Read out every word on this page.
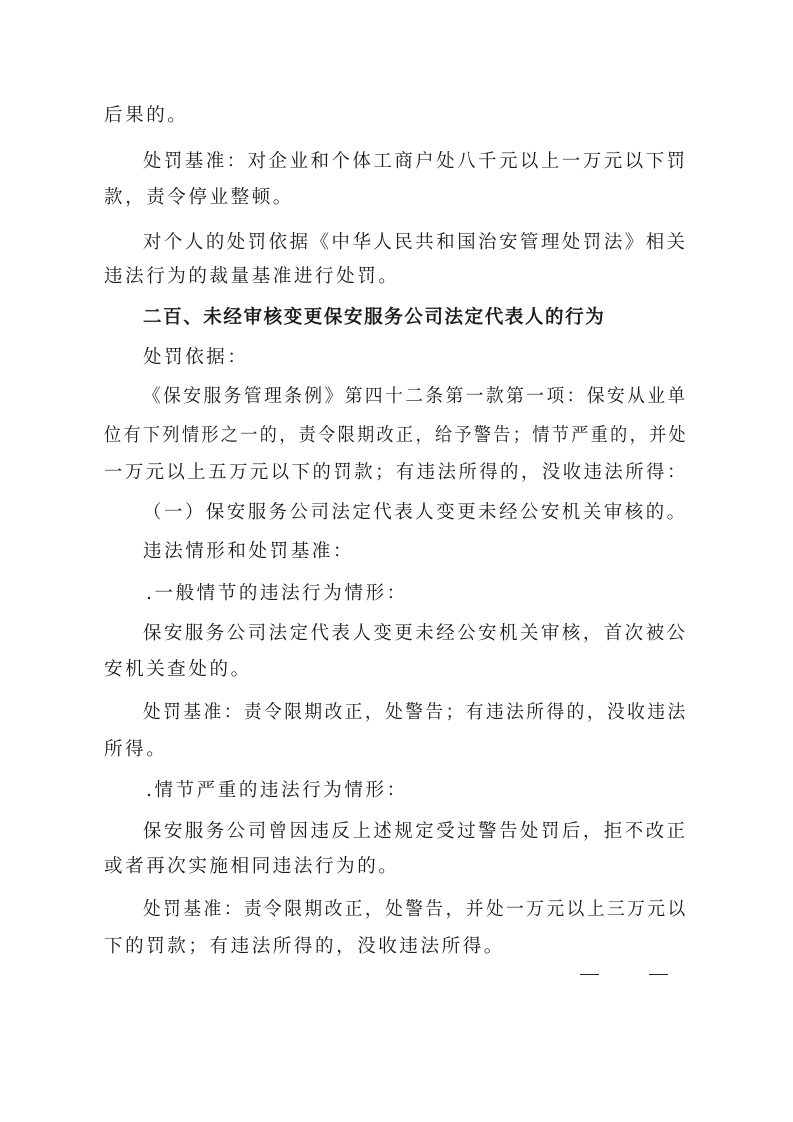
后果的。
处罚基准：对企业和个体工商户处八千元以上一万元以下罚
款，责令停业整顿。
对个人的处罚依据《中华人民共和国治安管理处罚法》相关
违法行为的裁量基准进行处罚。
二百、未经审核变更保安服务公司法定代表人的行为
处罚依据：
《保安服务管理条例》第四十二条第一款第一项：保安从业单
位有下列情形之一的，责令限期改正，给予警告；情节严重的，并处
一万元以上五万元以下的罚款；有违法所得的，没收违法所得：
（一）保安服务公司法定代表人变更未经公安机关审核的。
违法情形和处罚基准：
.一般情节的违法行为情形：
保安服务公司法定代表人变更未经公安机关审核，首次被公
安机关查处的。
处罚基准：责令限期改正，处警告；有违法所得的，没收违法
所得。
.情节严重的违法行为情形：
保安服务公司曾因违反上述规定受过警告处罚后，拒不改正
或者再次实施相同违法行为的。
处罚基准：责令限期改正，处警告，并处一万元以上三万元以
下的罚款；有违法所得的，没收违法所得。
